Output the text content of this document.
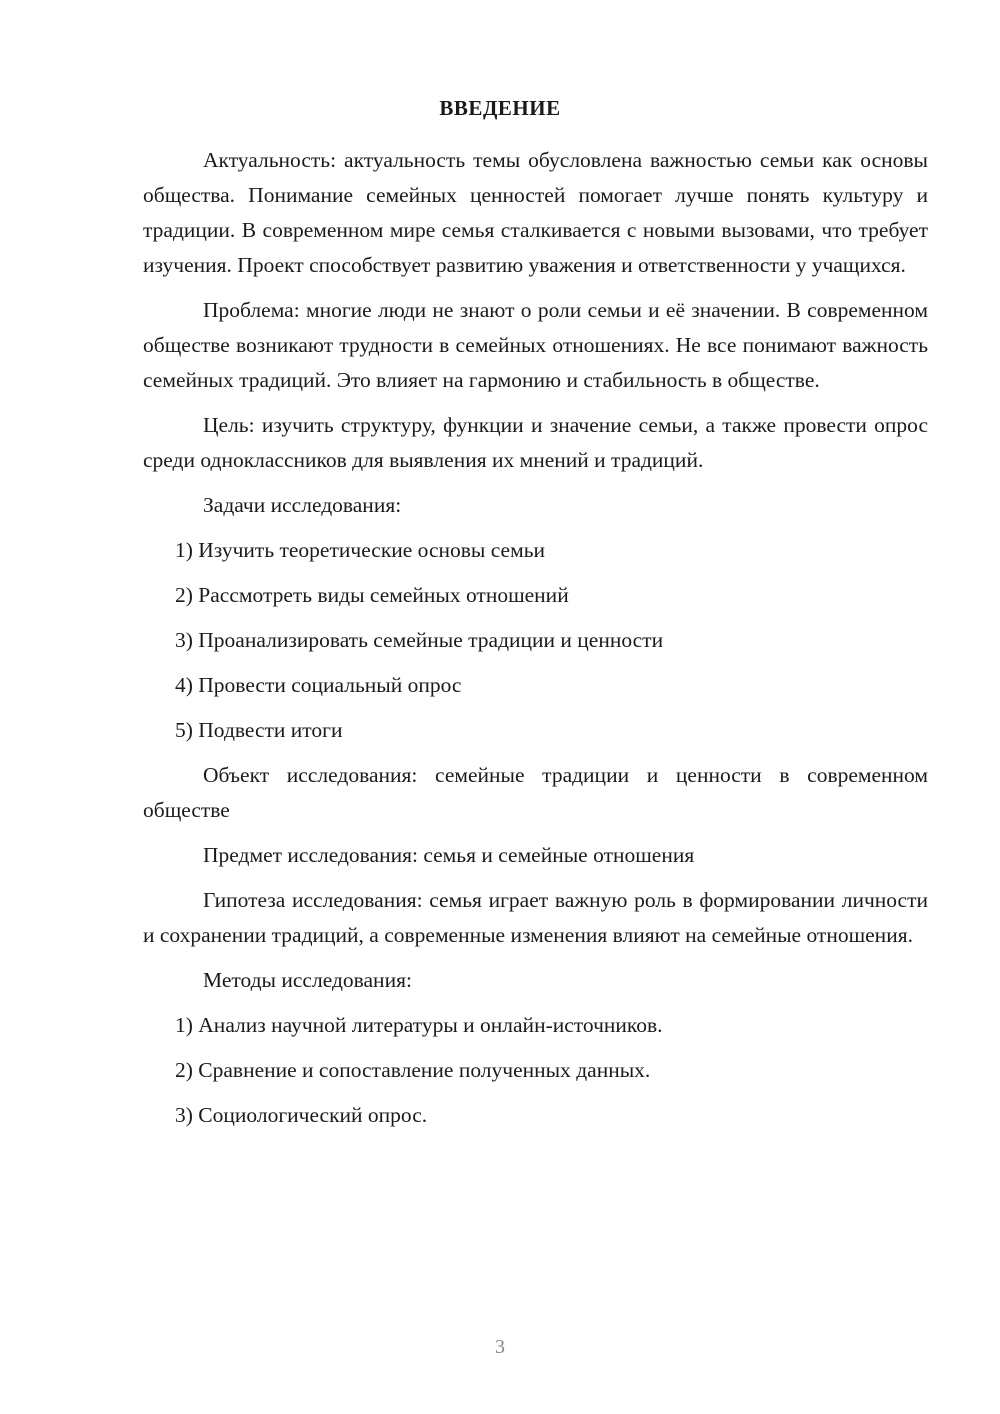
ВВЕДЕНИЕ

Актуальность: актуальность темы обусловлена важностью семьи как основы общества. Понимание семейных ценностей помогает лучше понять культуру и традиции. В современном мире семья сталкивается с новыми вызовами, что требует изучения. Проект способствует развитию уважения и ответственности у учащихся.

Проблема: многие люди не знают о роли семьи и её значении. В современном обществе возникают трудности в семейных отношениях. Не все понимают важность семейных традиций. Это влияет на гармонию и стабильность в обществе.

Цель: изучить структуру, функции и значение семьи, а также провести опрос среди одноклассников для выявления их мнений и традиций.

Задачи исследования:

1) Изучить теоретические основы семьи
2) Рассмотреть виды семейных отношений
3) Проанализировать семейные традиции и ценности
4) Провести социальный опрос
5) Подвести итоги

Объект исследования: семейные традиции и ценности в современном обществе

Предмет исследования: семья и семейные отношения

Гипотеза исследования: семья играет важную роль в формировании личности и сохранении традиций, а современные изменения влияют на семейные отношения.

Методы исследования:

1) Анализ научной литературы и онлайн-источников.
2) Сравнение и сопоставление полученных данных.
3) Социологический опрос.
3
